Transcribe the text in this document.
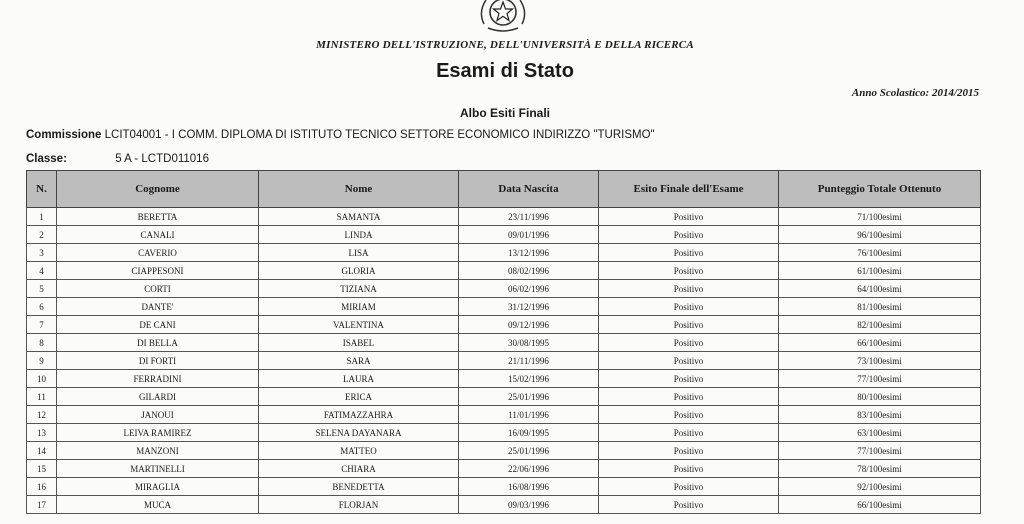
MINISTERO DELL'ISTRUZIONE, DELL'UNIVERSITÀ E DELLA RICERCA
Esami di Stato
Anno Scolastico: 2014/2015
Albo Esiti Finali
Commissione LCIT04001 - I COMM. DIPLOMA DI ISTITUTO TECNICO SETTORE ECONOMICO INDIRIZZO "TURISMO"
Classe:	5 A - LCTD011016
N.	Cognome	Nome	Data Nascita	Esito Finale dell'Esame	Punteggio Totale Ottenuto
1	BERETTA	SAMANTA	23/11/1996	Positivo	71/100esimi
2	CANALI	LINDA	09/01/1996	Positivo	96/100esimi
3	CAVERIO	LISA	13/12/1996	Positivo	76/100esimi
4	CIAPPESONI	GLORIA	08/02/1996	Positivo	61/100esimi
5	CORTI	TIZIANA	06/02/1996	Positivo	64/100esimi
6	DANTE'	MIRIAM	31/12/1996	Positivo	81/100esimi
7	DE CANI	VALENTINA	09/12/1996	Positivo	82/100esimi
8	DI BELLA	ISABEL	30/08/1995	Positivo	66/100esimi
9	DI FORTI	SARA	21/11/1996	Positivo	73/100esimi
10	FERRADINI	LAURA	15/02/1996	Positivo	77/100esimi
11	GILARDI	ERICA	25/01/1996	Positivo	80/100esimi
12	JANOUI	FATIMAZZAHRA	11/01/1996	Positivo	83/100esimi
13	LEIVA RAMIREZ	SELENA DAYANARA	16/09/1995	Positivo	63/100esimi
14	MANZONI	MATTEO	25/01/1996	Positivo	77/100esimi
15	MARTINELLI	CHIARA	22/06/1996	Positivo	78/100esimi
16	MIRAGLIA	BENEDETTA	16/08/1996	Positivo	92/100esimi
17	MUCA	FLORJAN	09/03/1996	Positivo	66/100esimi
